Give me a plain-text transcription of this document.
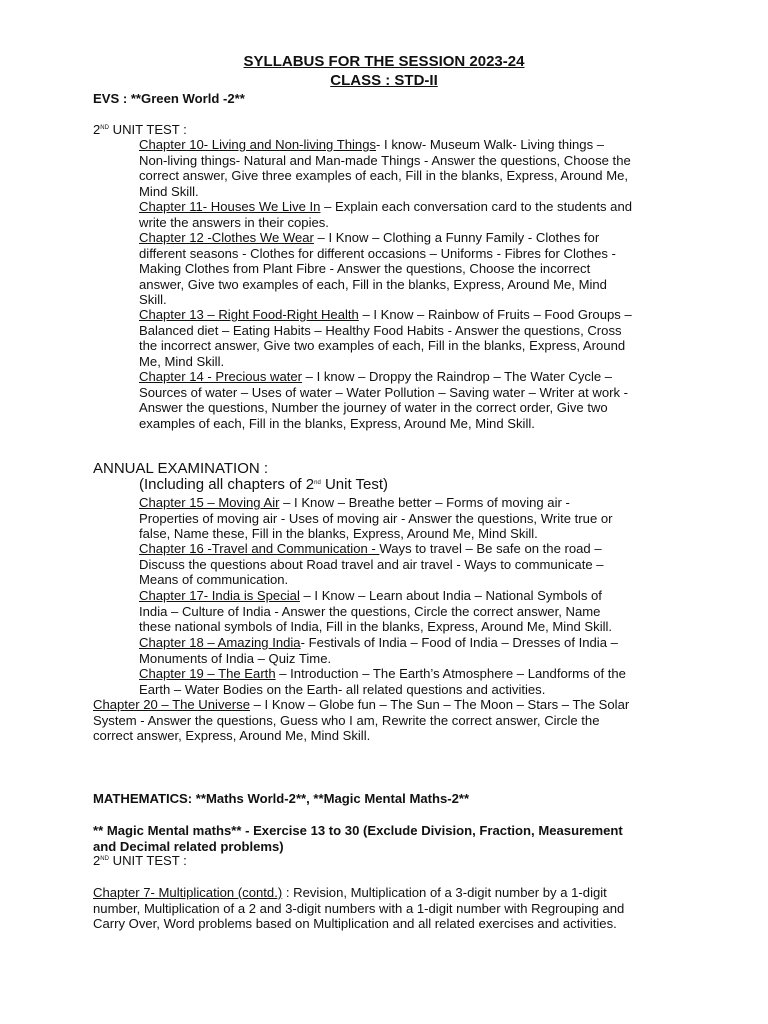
SYLLABUS FOR THE SESSION 2023-24
CLASS : STD-II
EVS : **Green World -2**
2ND UNIT TEST :
Chapter 10- Living and Non-living Things- I know- Museum Walk- Living things –
Non-living things- Natural and Man-made Things - Answer the questions, Choose the
correct answer, Give three examples of each, Fill in the blanks, Express, Around Me,
Mind Skill.
Chapter 11- Houses We Live In – Explain each conversation card to the students and
write the answers in their copies.
Chapter 12 -Clothes We Wear – I Know – Clothing a Funny Family - Clothes for
different seasons - Clothes for different occasions – Uniforms - Fibres for Clothes -
Making Clothes from Plant Fibre - Answer the questions, Choose the incorrect
answer, Give two examples of each, Fill in the blanks, Express, Around Me, Mind
Skill.
Chapter 13 – Right Food-Right Health – I Know – Rainbow of Fruits – Food Groups –
Balanced diet – Eating Habits – Healthy Food Habits - Answer the questions, Cross
the incorrect answer, Give two examples of each, Fill in the blanks, Express, Around
Me, Mind Skill.
Chapter 14 - Precious water – I know – Droppy the Raindrop – The Water Cycle –
Sources of water – Uses of water – Water Pollution – Saving water – Writer at work -
Answer the questions, Number the journey of water in the correct order, Give two
examples of each, Fill in the blanks, Express, Around Me, Mind Skill.
ANNUAL EXAMINATION :
(Including all chapters of 2nd Unit Test)
Chapter 15 – Moving Air – I Know – Breathe better – Forms of moving air -
Properties of moving air - Uses of moving air - Answer the questions, Write true or
false, Name these, Fill in the blanks, Express, Around Me, Mind Skill.
Chapter 16 -Travel and Communication - Ways to travel – Be safe on the road –
Discuss the questions about Road travel and air travel - Ways to communicate –
Means of communication.
Chapter 17- India is Special – I Know – Learn about India – National Symbols of
India – Culture of India - Answer the questions, Circle the correct answer, Name
these national symbols of India, Fill in the blanks, Express, Around Me, Mind Skill.
Chapter 18 – Amazing India- Festivals of India – Food of India – Dresses of India –
Monuments of India – Quiz Time.
Chapter 19 – The Earth – Introduction – The Earth’s Atmosphere – Landforms of the
Earth – Water Bodies on the Earth- all related questions and activities.
Chapter 20 – The Universe – I Know – Globe fun – The Sun – The Moon – Stars – The Solar
System - Answer the questions, Guess who I am, Rewrite the correct answer, Circle the
correct answer, Express, Around Me, Mind Skill.
MATHEMATICS: **Maths World-2**, **Magic Mental Maths-2**
** Magic Mental maths** - Exercise 13 to 30 (Exclude Division, Fraction, Measurement
and Decimal related problems)
2ND UNIT TEST :
Chapter 7- Multiplication (contd.) : Revision, Multiplication of a 3-digit number by a 1-digit
number, Multiplication of a 2 and 3-digit numbers with a 1-digit number with Regrouping and
Carry Over, Word problems based on Multiplication and all related exercises and activities.
